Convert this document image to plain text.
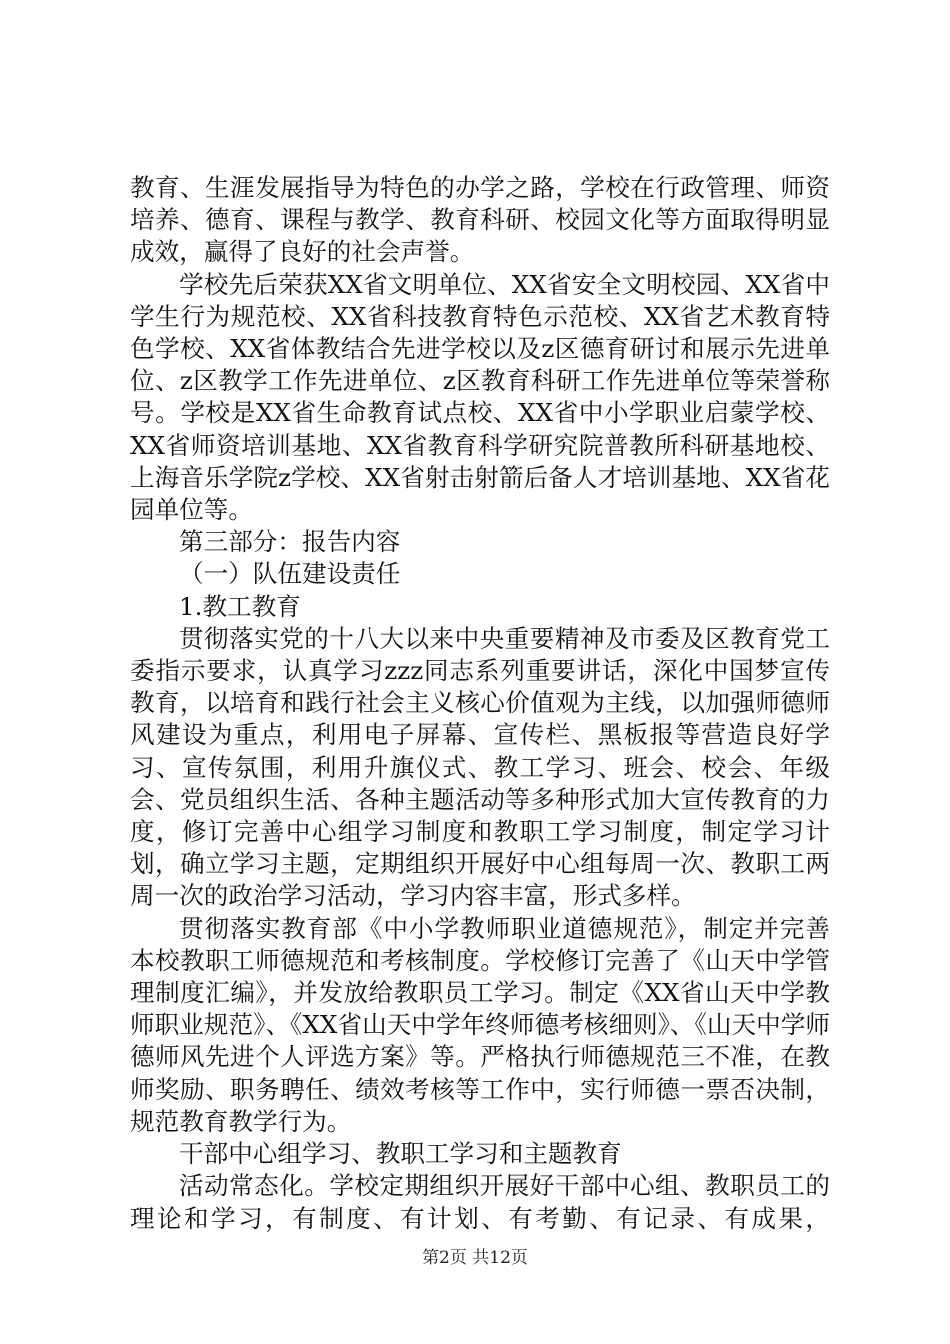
教育、生涯发展指导为特色的办学之路，学校在行政管理、师资培养、德育、课程与教学、教育科研、校园文化等方面取得明显成效，赢得了良好的社会声誉。

学校先后荣获XX省文明单位、XX省安全文明校园、XX省中学生行为规范校、XX省科技教育特色示范校、XX省艺术教育特色学校、XX省体教结合先进学校以及z区德育研讨和展示先进单位、z区教学工作先进单位、z区教育科研工作先进单位等荣誉称号。学校是XX省生命教育试点校、XX省中小学职业启蒙学校、XX省师资培训基地、XX省教育科学研究院普教所科研基地校、上海音乐学院z学校、XX省射击射箭后备人才培训基地、XX省花园单位等。

第三部分：报告内容

（一）队伍建设责任

1.教工教育

贯彻落实党的十八大以来中央重要精神及市委及区教育党工委指示要求，认真学习zzz同志系列重要讲话，深化中国梦宣传教育，以培育和践行社会主义核心价值观为主线，以加强师德师风建设为重点，利用电子屏幕、宣传栏、黑板报等营造良好学习、宣传氛围，利用升旗仪式、教工学习、班会、校会、年级会、党员组织生活、各种主题活动等多种形式加大宣传教育的力度，修订完善中心组学习制度和教职工学习制度，制定学习计划，确立学习主题，定期组织开展好中心组每周一次、教职工两周一次的政治学习活动，学习内容丰富，形式多样。

贯彻落实教育部《中小学教师职业道德规范》，制定并完善本校教职工师德规范和考核制度。学校修订完善了《山天中学管理制度汇编》，并发放给教职员工学习。制定《XX省山天中学教师职业规范》、《XX省山天中学年终师德考核细则》、《山天中学师德师风先进个人评选方案》等。严格执行师德规范三不准，在教师奖励、职务聘任、绩效考核等工作中，实行师德一票否决制，规范教育教学行为。

干部中心组学习、教职工学习和主题教育

活动常态化。学校定期组织开展好干部中心组、教职员工的理论和学习，有制度、有计划、有考勤、有记录、有成果，

第2页 共12页
